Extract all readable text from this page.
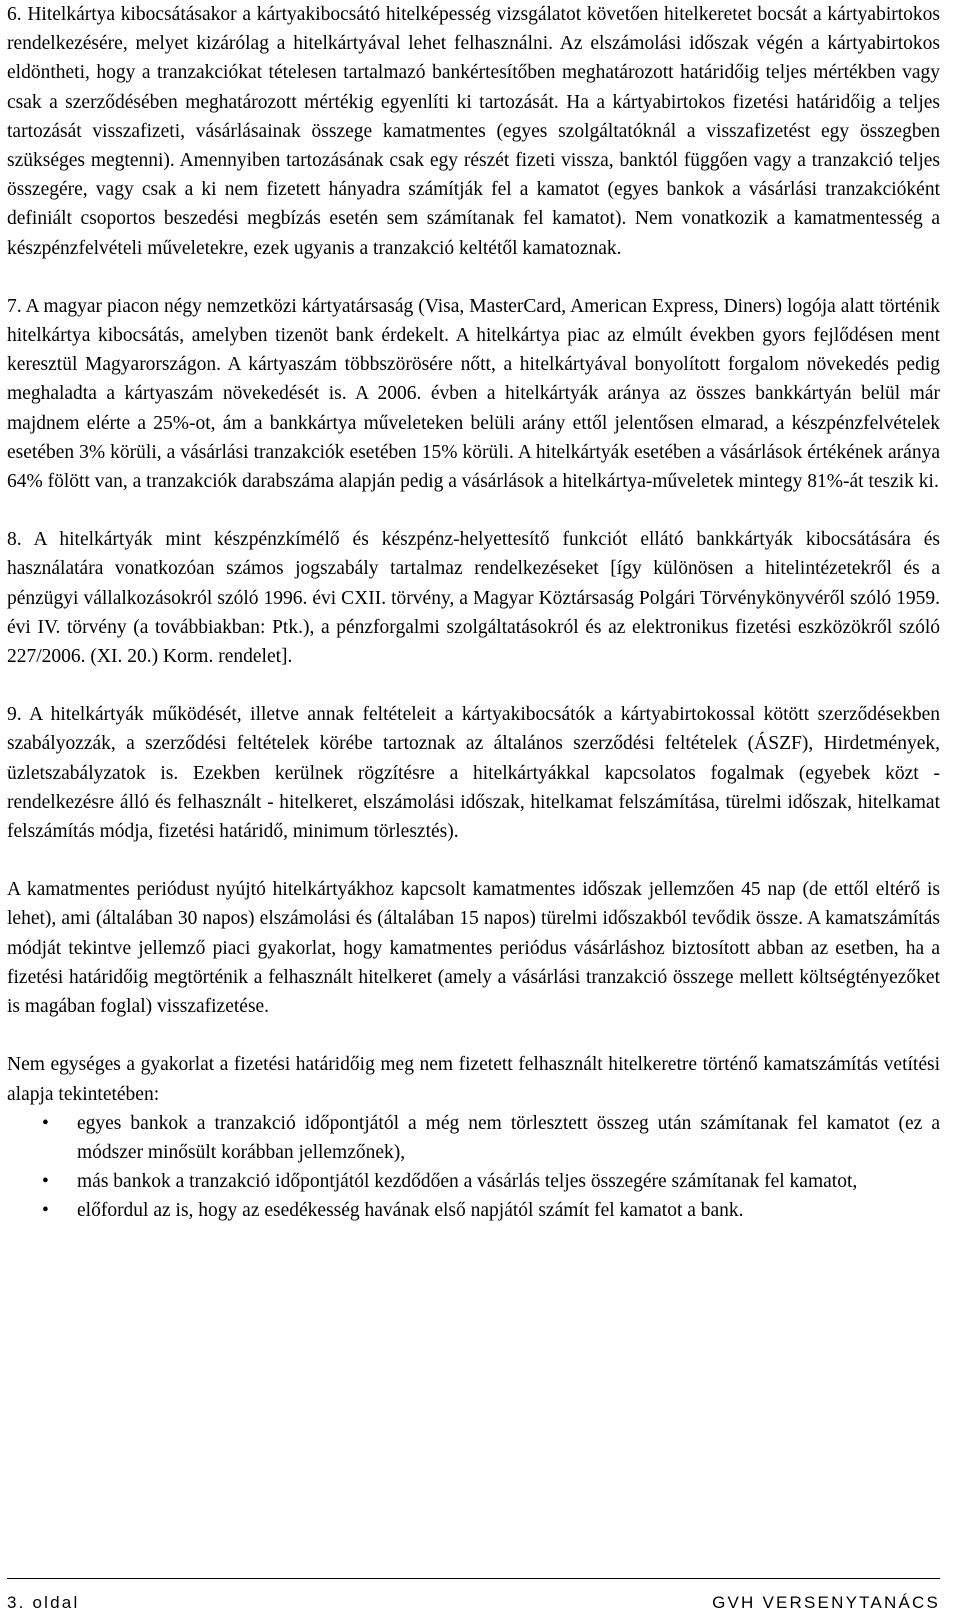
6. Hitelkártya kibocsátásakor a kártyakibocsátó hitelképesség vizsgálatot követően hitelkeretet bocsát a kártyabirtokos rendelkezésére, melyet kizárólag a hitelkártyával lehet felhasználni. Az elszámolási időszak végén a kártyabirtokos eldöntheti, hogy a tranzakciókat tételesen tartalmazó bankértesítőben meghatározott határidőig teljes mértékben vagy csak a szerződésében meghatározott mértékig egyenlíti ki tartozását. Ha a kártyabirtokos fizetési határidőig a teljes tartozását visszafizeti, vásárlásainak összege kamatmentes (egyes szolgáltatóknál a visszafizetést egy összegben szükséges megtenni). Amennyiben tartozásának csak egy részét fizeti vissza, banktól függően vagy a tranzakció teljes összegére, vagy csak a ki nem fizetett hányadra számítják fel a kamatot (egyes bankok a vásárlási tranzakcióként definiált csoportos beszedési megbízás esetén sem számítanak fel kamatot). Nem vonatkozik a kamatmentesség a készpénzfelvételi műveletekre, ezek ugyanis a tranzakció keltétől kamatoznak.

7. A magyar piacon négy nemzetközi kártyatársaság (Visa, MasterCard, American Express, Diners) logója alatt történik hitelkártya kibocsátás, amelyben tizenöt bank érdekelt. A hitelkártya piac az elmúlt években gyors fejlődésen ment keresztül Magyarországon. A kártyaszám többszörösére nőtt, a hitelkártyával bonyolított forgalom növekedés pedig meghaladta a kártyaszám növekedését is. A 2006. évben a hitelkártyák aránya az összes bankkártyán belül már majdnem elérte a 25%-ot, ám a bankkártya műveleteken belüli arány ettől jelentősen elmarad, a készpénzfelvételek esetében 3% körüli, a vásárlási tranzakciók esetében 15% körüli. A hitelkártyák esetében a vásárlások értékének aránya 64% fölött van, a tranzakciók darabszáma alapján pedig a vásárlások a hitelkártya-műveletek mintegy 81%-át teszik ki.

8. A hitelkártyák mint készpénzkímélő és készpénz-helyettesítő funkciót ellátó bankkártyák kibocsátására és használatára vonatkozóan számos jogszabály tartalmaz rendelkezéseket [így különösen a hitelintézetekről és a pénzügyi vállalkozásokról szóló 1996. évi CXII. törvény, a Magyar Köztársaság Polgári Törvénykönyvéről szóló 1959. évi IV. törvény (a továbbiakban: Ptk.), a pénzforgalmi szolgáltatásokról és az elektronikus fizetési eszközökről szóló 227/2006. (XI. 20.) Korm. rendelet].

9. A hitelkártyák működését, illetve annak feltételeit a kártyakibocsátók a kártyabirtokossal kötött szerződésekben szabályozzák, a szerződési feltételek körébe tartoznak az általános szerződési feltételek (ÁSZF), Hirdetmények, üzletszabályzatok is. Ezekben kerülnek rögzítésre a hitelkártyákkal kapcsolatos fogalmak (egyebek közt - rendelkezésre álló és felhasznált - hitelkeret, elszámolási időszak, hitelkamat felszámítása, türelmi időszak, hitelkamat felszámítás módja, fizetési határidő, minimum törlesztés).

A kamatmentes periódust nyújtó hitelkártyákhoz kapcsolt kamatmentes időszak jellemzően 45 nap (de ettől eltérő is lehet), ami (általában 30 napos) elszámolási és (általában 15 napos) türelmi időszakból tevődik össze. A kamatszámítás módját tekintve jellemző piaci gyakorlat, hogy kamatmentes periódus vásárláshoz biztosított abban az esetben, ha a fizetési határidőig megtörténik a felhasznált hitelkeret (amely a vásárlási tranzakció összege mellett költségtényezőket is magában foglal) visszafizetése.

Nem egységes a gyakorlat a fizetési határidőig meg nem fizetett felhasznált hitelkeretre történő kamatszámítás vetítési alapja tekintetében:

• egyes bankok a tranzakció időpontjától a még nem törlesztett összeg után számítanak fel kamatot (ez a módszer minősült korábban jellemzőnek),
• más bankok a tranzakció időpontjától kezdődően a vásárlás teljes összegére számítanak fel kamatot,
• előfordul az is, hogy az esedékesség havának első napjától számít fel kamatot a bank.
3. oldal	GVH VERSENYTANÁCS
